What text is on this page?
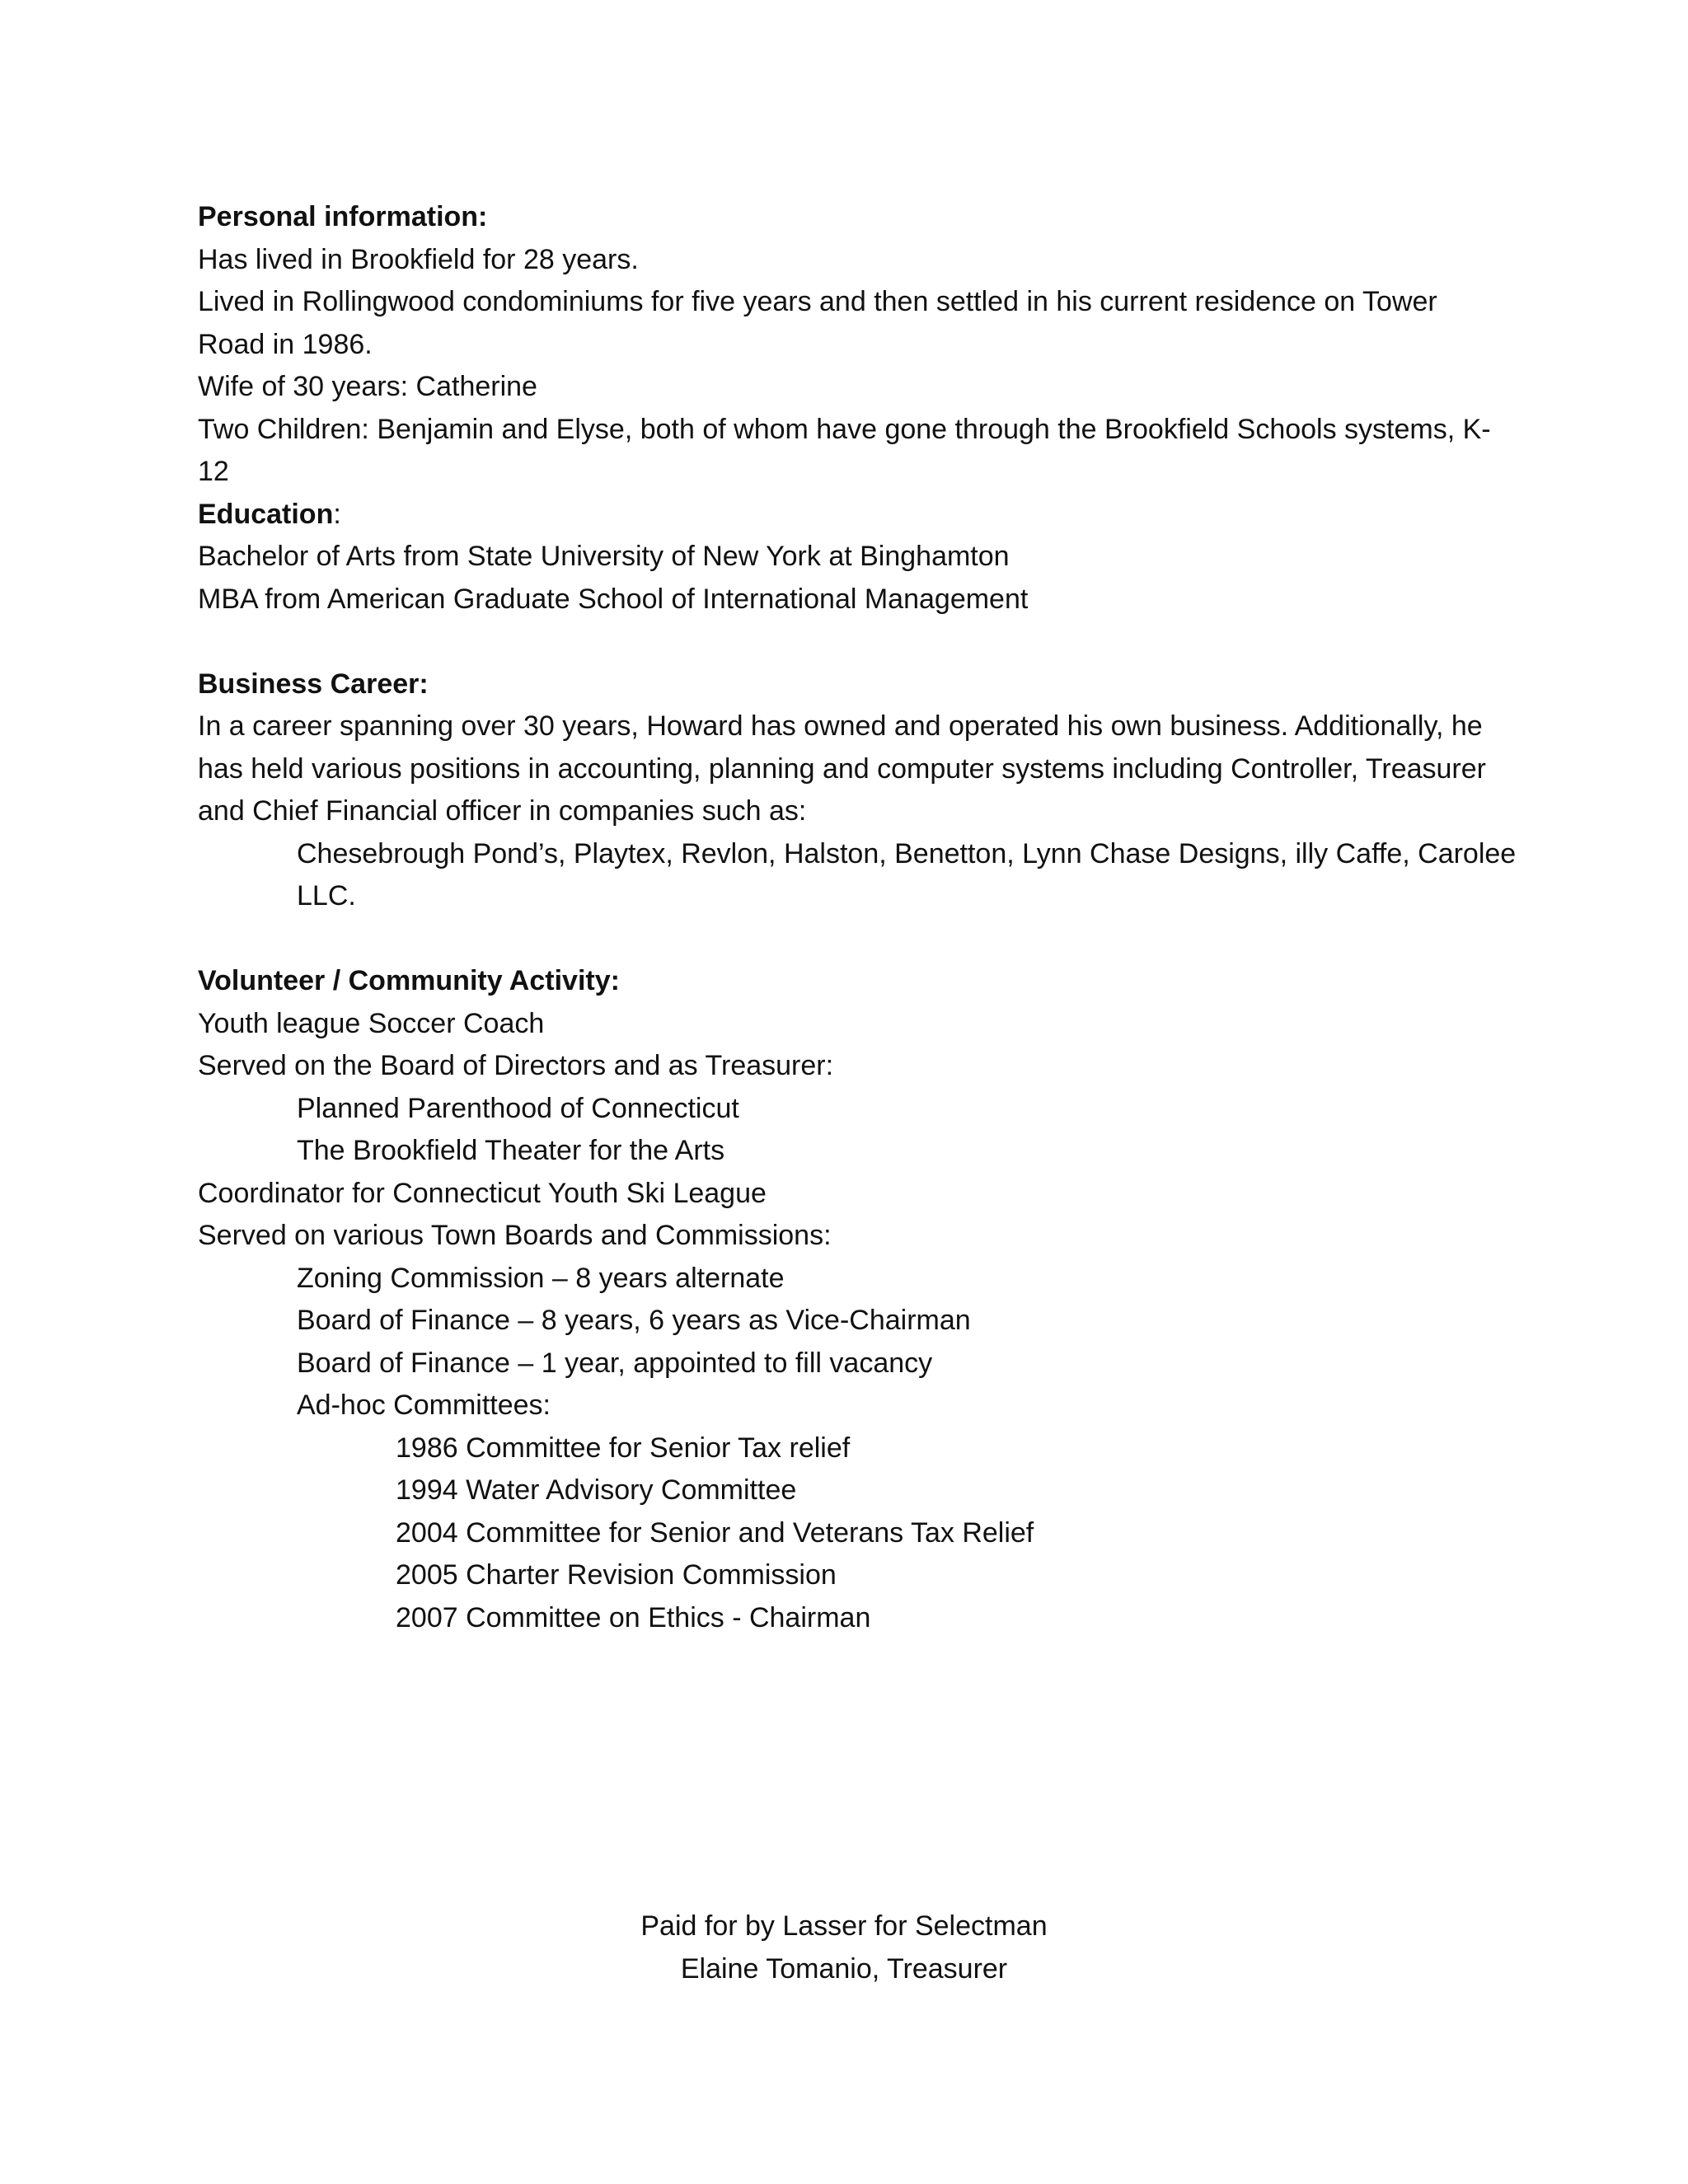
Personal information:

Has lived in Brookfield for 28 years.

Lived in Rollingwood condominiums for five years and then settled in his current residence on Tower

Road in 1986.

Wife of 30 years: Catherine

Two Children: Benjamin and Elyse, both of whom have gone through the Brookfield Schools systems, K-

12

Education:

Bachelor of Arts from State University of New York at Binghamton

MBA from American Graduate School of International Management

Business Career:

In a career spanning over 30 years, Howard has owned and operated his own business. Additionally, he

has held various positions in accounting, planning and computer systems including Controller, Treasurer

and Chief Financial officer in companies such as:

Chesebrough Pond’s, Playtex, Revlon, Halston, Benetton, Lynn Chase Designs, illy Caffe, Carolee

LLC.

Volunteer / Community Activity:

Youth league Soccer Coach

Served on the Board of Directors and as Treasurer:

Planned Parenthood of Connecticut

The Brookfield Theater for the Arts

Coordinator for Connecticut Youth Ski League

Served on various Town Boards and Commissions:

Zoning Commission – 8 years alternate

Board of Finance – 8 years, 6 years as Vice-Chairman

Board of Finance – 1 year, appointed to fill vacancy

Ad-hoc Committees:

1986 Committee for Senior Tax relief

1994 Water Advisory Committee

2004 Committee for Senior and Veterans Tax Relief

2005 Charter Revision Commission

2007 Committee on Ethics - Chairman

Paid for by Lasser for Selectman

Elaine Tomanio, Treasurer
